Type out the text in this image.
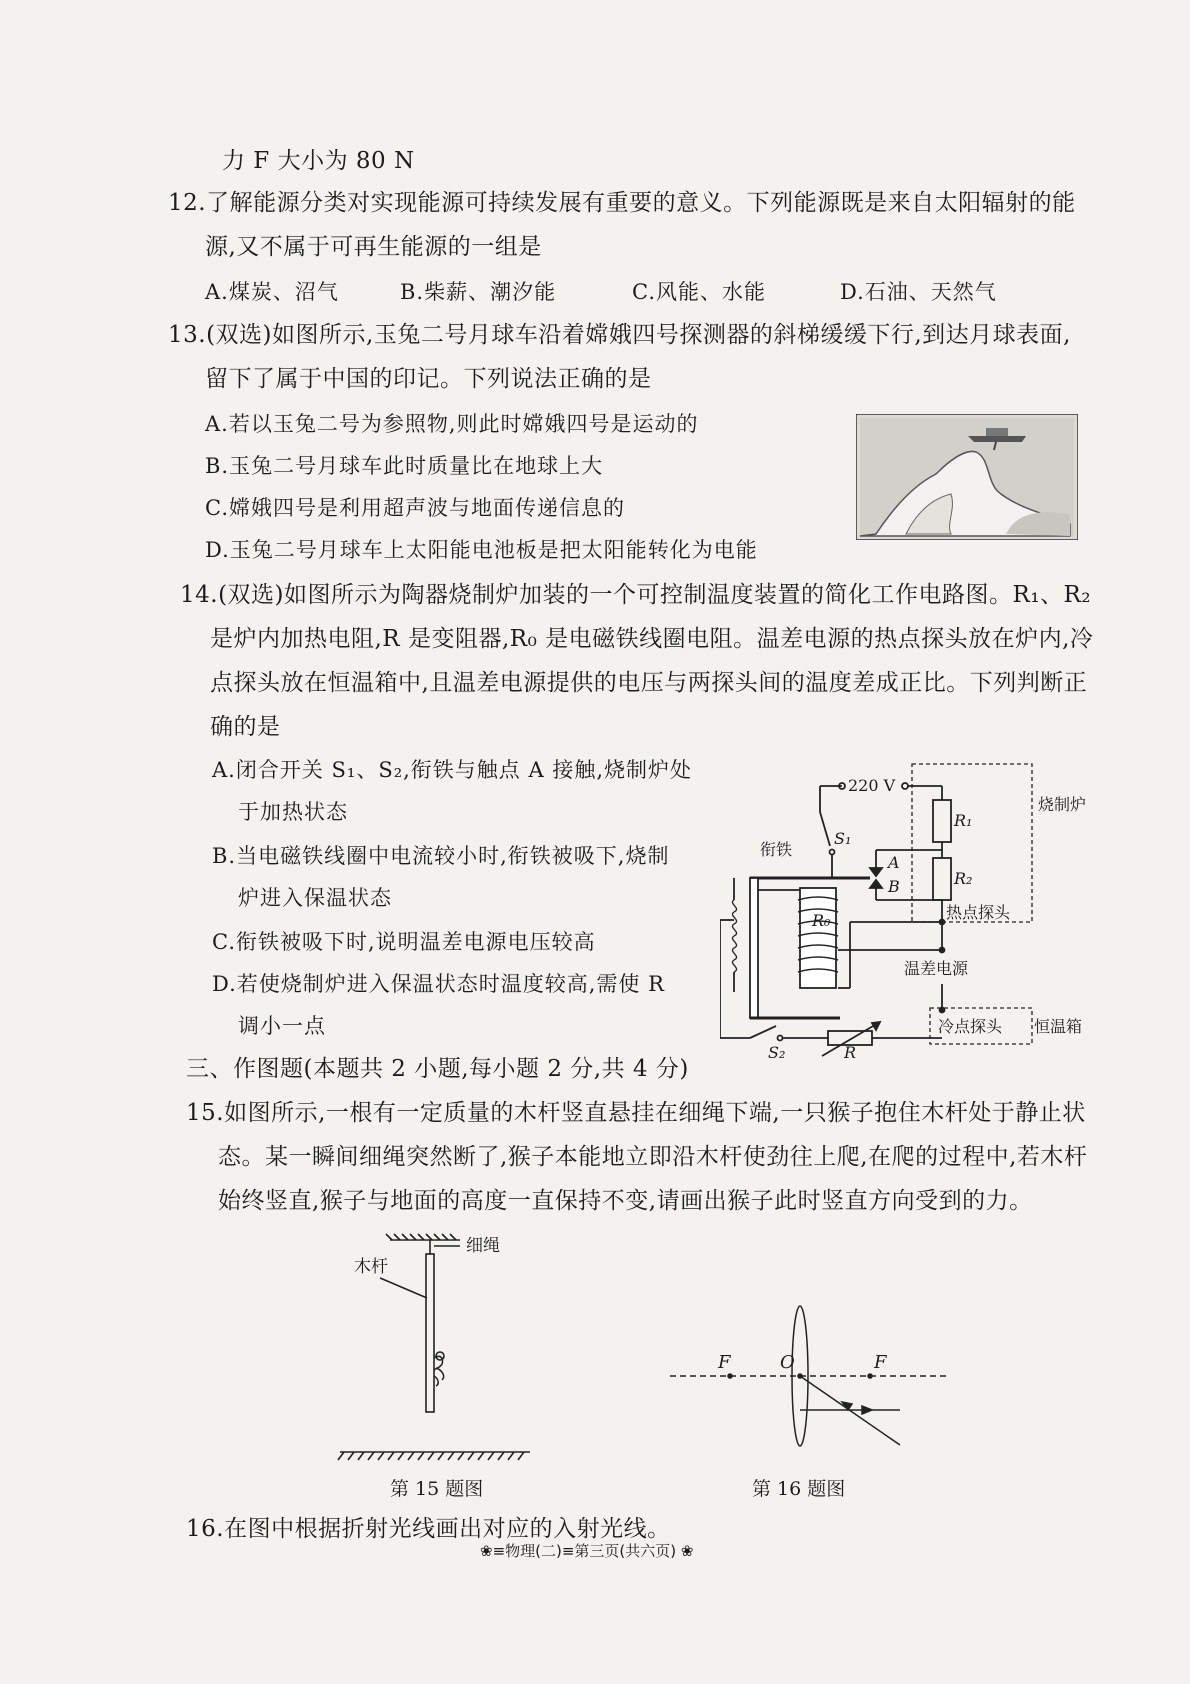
力 F 大小为 80 N
12.了解能源分类对实现能源可持续发展有重要的意义。下列能源既是来自太阳辐射的能
源,又不属于可再生能源的一组是
A.煤炭、沼气	B.柴薪、潮汐能	C.风能、水能	D.石油、天然气
13.(双选)如图所示,玉兔二号月球车沿着嫦娥四号探测器的斜梯缓缓下行,到达月球表面,
留下了属于中国的印记。下列说法正确的是
A.若以玉兔二号为参照物,则此时嫦娥四号是运动的
B.玉兔二号月球车此时质量比在地球上大
C.嫦娥四号是利用超声波与地面传递信息的
D.玉兔二号月球车上太阳能电池板是把太阳能转化为电能
14.(双选)如图所示为陶器烧制炉加装的一个可控制温度装置的简化工作电路图。R₁、R₂
是炉内加热电阻,R 是变阻器,R₀ 是电磁铁线圈电阻。温差电源的热点探头放在炉内,冷
点探头放在恒温箱中,且温差电源提供的电压与两探头间的温度差成正比。下列判断正
确的是
A.闭合开关 S₁、S₂,衔铁与触点 A 接触,烧制炉处
于加热状态
B.当电磁铁线圈中电流较小时,衔铁被吸下,烧制
炉进入保温状态
C.衔铁被吸下时,说明温差电源电压较高
D.若使烧制炉进入保温状态时温度较高,需使 R
调小一点
220 V
烧制炉
衔铁
S₁
R₁
R₂
A
B
R₀	热点探头
温差电源
冷点探头 恒温箱
S₂	R
三、作图题(本题共 2 小题,每小题 2 分,共 4 分)
15.如图所示,一根有一定质量的木杆竖直悬挂在细绳下端,一只猴子抱住木杆处于静止状
态。某一瞬间细绳突然断了,猴子本能地立即沿木杆使劲往上爬,在爬的过程中,若木杆
始终竖直,猴子与地面的高度一直保持不变,请画出猴子此时竖直方向受到的力。
细绳
木杆
第 15 题图
F	O	F
第 16 题图
16.在图中根据折射光线画出对应的入射光线。
❀≡物理(二)≡第三页(共六页) ❀
